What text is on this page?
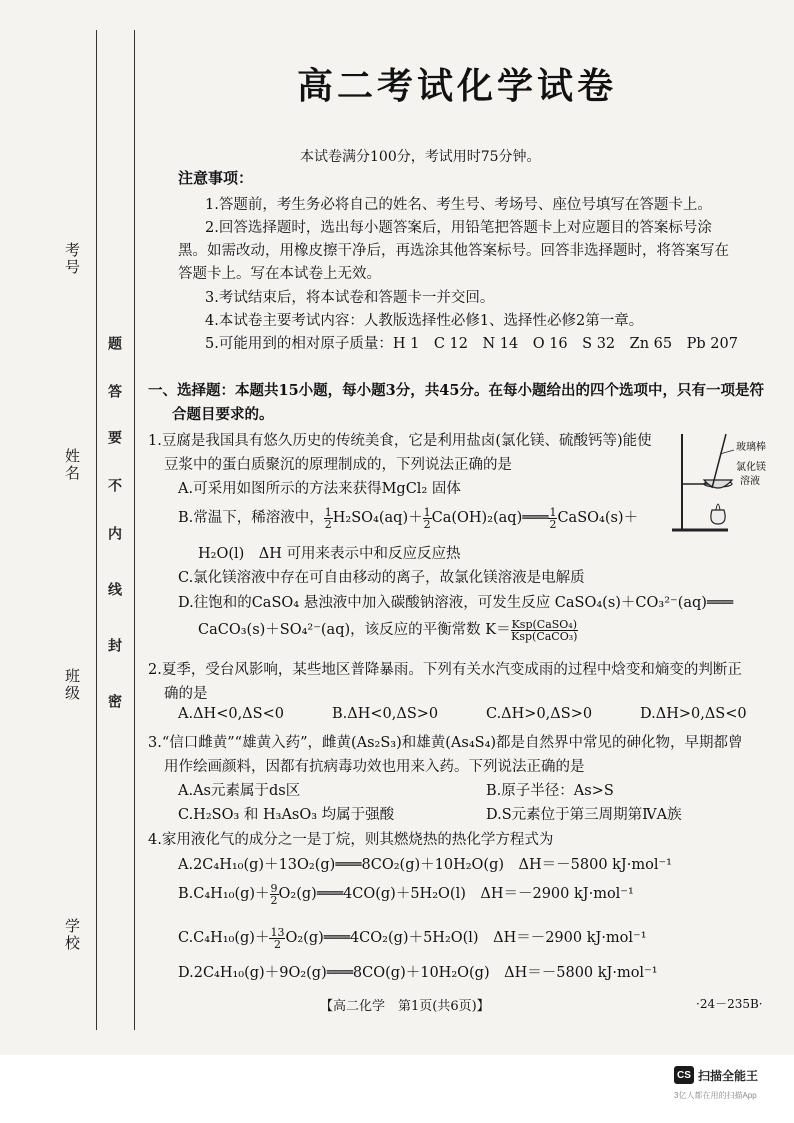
考号
姓名
班级
学校
密
封
线
内
不
要
答
题
高二考试化学试卷
本试卷满分100分，考试用时75分钟。
注意事项：
1.答题前，考生务必将自己的姓名、考生号、考场号、座位号填写在答题卡上。
2.回答选择题时，选出每小题答案后，用铅笔把答题卡上对应题目的答案标号涂
黑。如需改动，用橡皮擦干净后，再选涂其他答案标号。回答非选择题时，将答案写在
答题卡上。写在本试卷上无效。
3.考试结束后，将本试卷和答题卡一并交回。
4.本试卷主要考试内容：人教版选择性必修1、选择性必修2第一章。
5.可能用到的相对原子质量：H 1　C 12　N 14　O 16　S 32　Zn 65　Pb 207
一、选择题：本题共15小题，每小题3分，共45分。在每小题给出的四个选项中，只有一项是符
合题目要求的。
1.豆腐是我国具有悠久历史的传统美食，它是利用盐卤(氯化镁、硫酸钙等)能使
豆浆中的蛋白质聚沉的原理制成的，下列说法正确的是
A.可采用如图所示的方法来获得MgCl₂ 固体
B.常温下，稀溶液中， $\frac{1}{2} H_2SO_4(aq)+ \frac{1}{2}$ Ca(OH)₂(aq)═══ $\frac{1}{2}$ CaSO₄(s)＋
H₂O(l)　ΔH 可用来表示中和反应反应热
C.氯化镁溶液中存在可自由移动的离子，故氯化镁溶液是电解质
D.往饱和的CaSO₄ 悬浊液中加入碳酸钠溶液，可发生反应 CaSO₄(s)＋CO₃²⁻(aq)═══
CaCO₃(s)＋SO₄²⁻(aq)，该反应的平衡常数 $K= \frac{\text{Ksp(CaSO₄)}}{\text{Ksp(CaCO₃)}}$
玻璃棒
氯化镁
溶液
2.夏季，受台风影响，某些地区普降暴雨。下列有关水汽变成雨的过程中焓变和熵变的判断正
确的是
A.ΔH<0,ΔS<0	B.ΔH<0,ΔS>0	C.ΔH>0,ΔS>0	D.ΔH>0,ΔS<0
3.“信口雌黄”“雄黄入药”，雌黄(As₂S₃)和雄黄(As₄S₄)都是自然界中常见的砷化物，早期都曾
用作绘画颜料，因都有抗病毒功效也用来入药。下列说法正确的是
A.As元素属于ds区	B.原子半径：As>S
C.H₂SO₃ 和 H₃AsO₃ 均属于强酸	D.S元素位于第三周期第ⅣA族
4.家用液化气的成分之一是丁烷，则其燃烧热的热化学方程式为
A.2C₄H₁₀(g)＋13O₂(g)═══8CO₂(g)＋10H₂O(g)　ΔH＝－5800 kJ·mol⁻¹
$B.C_4H_{10}(g)+ \frac{9}{2}$ O₂(g)═══4CO(g)＋5H₂O(l)　ΔH＝－2900 kJ·mol⁻¹
$C.C_4H_{10}(g)+ \frac{13}{2}$ O₂(g)═══4CO₂(g)＋5H₂O(l)　ΔH＝－2900 kJ·mol⁻¹
D.2C₄H₁₀(g)＋9O₂(g)═══8CO(g)＋10H₂O(g)　ΔH＝－5800 kJ·mol⁻¹
【高二化学　第1页(共6页)】	·24－235B·
CS 扫描全能王
3亿人都在用的扫描App
